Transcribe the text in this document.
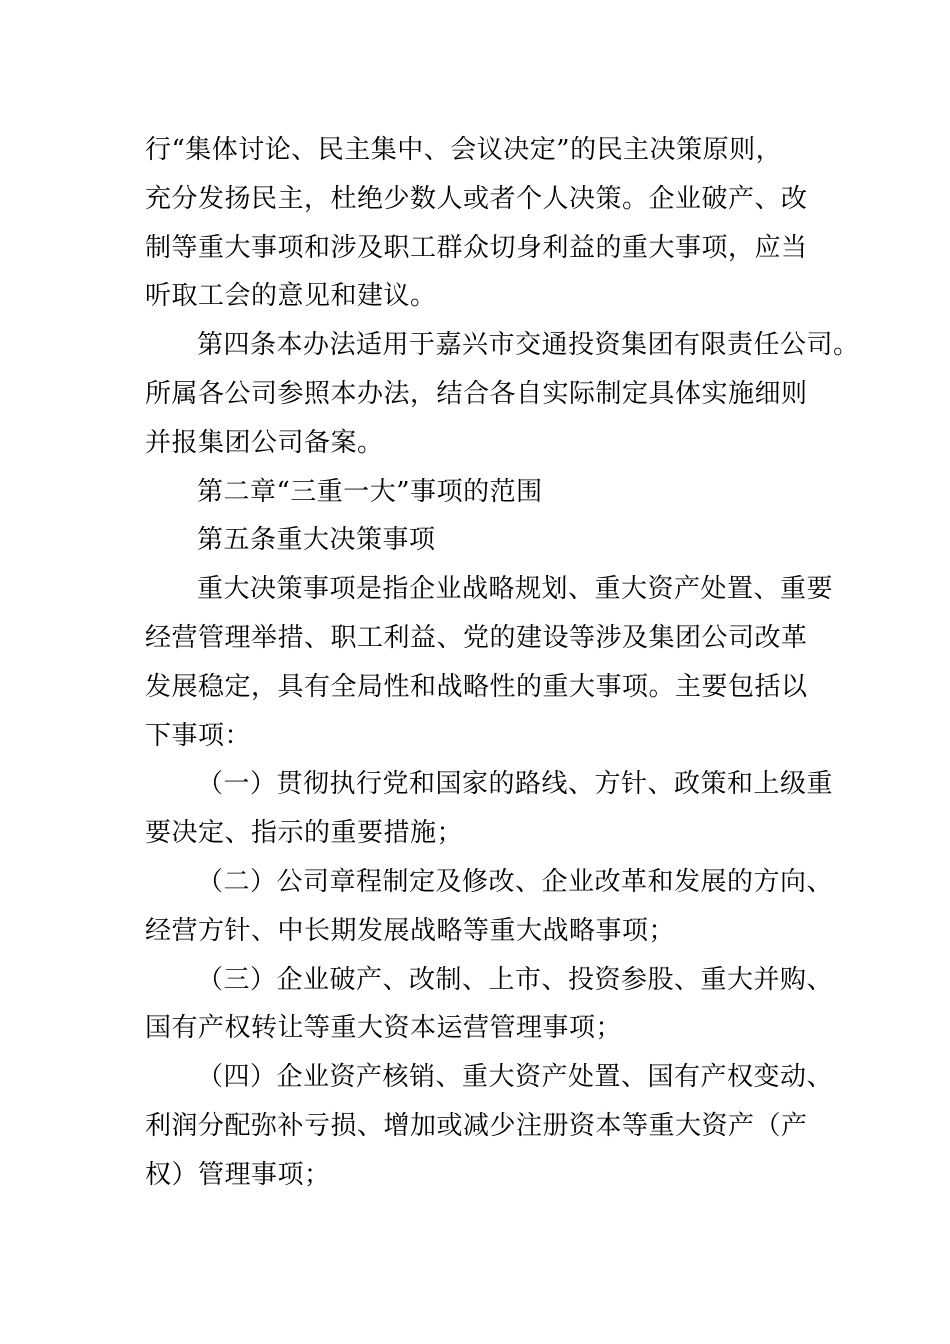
行“集体讨论、民主集中、会议决定”的民主决策原则，
充分发扬民主，杜绝少数人或者个人决策。企业破产、改
制等重大事项和涉及职工群众切身利益的重大事项，应当
听取工会的意见和建议。

第四条本办法适用于嘉兴市交通投资集团有限责任公司。
所属各公司参照本办法，结合各自实际制定具体实施细则
并报集团公司备案。

第二章“三重一大”事项的范围

第五条重大决策事项

重大决策事项是指企业战略规划、重大资产处置、重要
经营管理举措、职工利益、党的建设等涉及集团公司改革
发展稳定，具有全局性和战略性的重大事项。主要包括以
下事项：

（一）贯彻执行党和国家的路线、方针、政策和上级重
要决定、指示的重要措施；

（二）公司章程制定及修改、企业改革和发展的方向、
经营方针、中长期发展战略等重大战略事项；

（三）企业破产、改制、上市、投资参股、重大并购、
国有产权转让等重大资本运营管理事项；

（四）企业资产核销、重大资产处置、国有产权变动、
利润分配弥补亏损、增加或减少注册资本等重大资产（产
权）管理事项；
